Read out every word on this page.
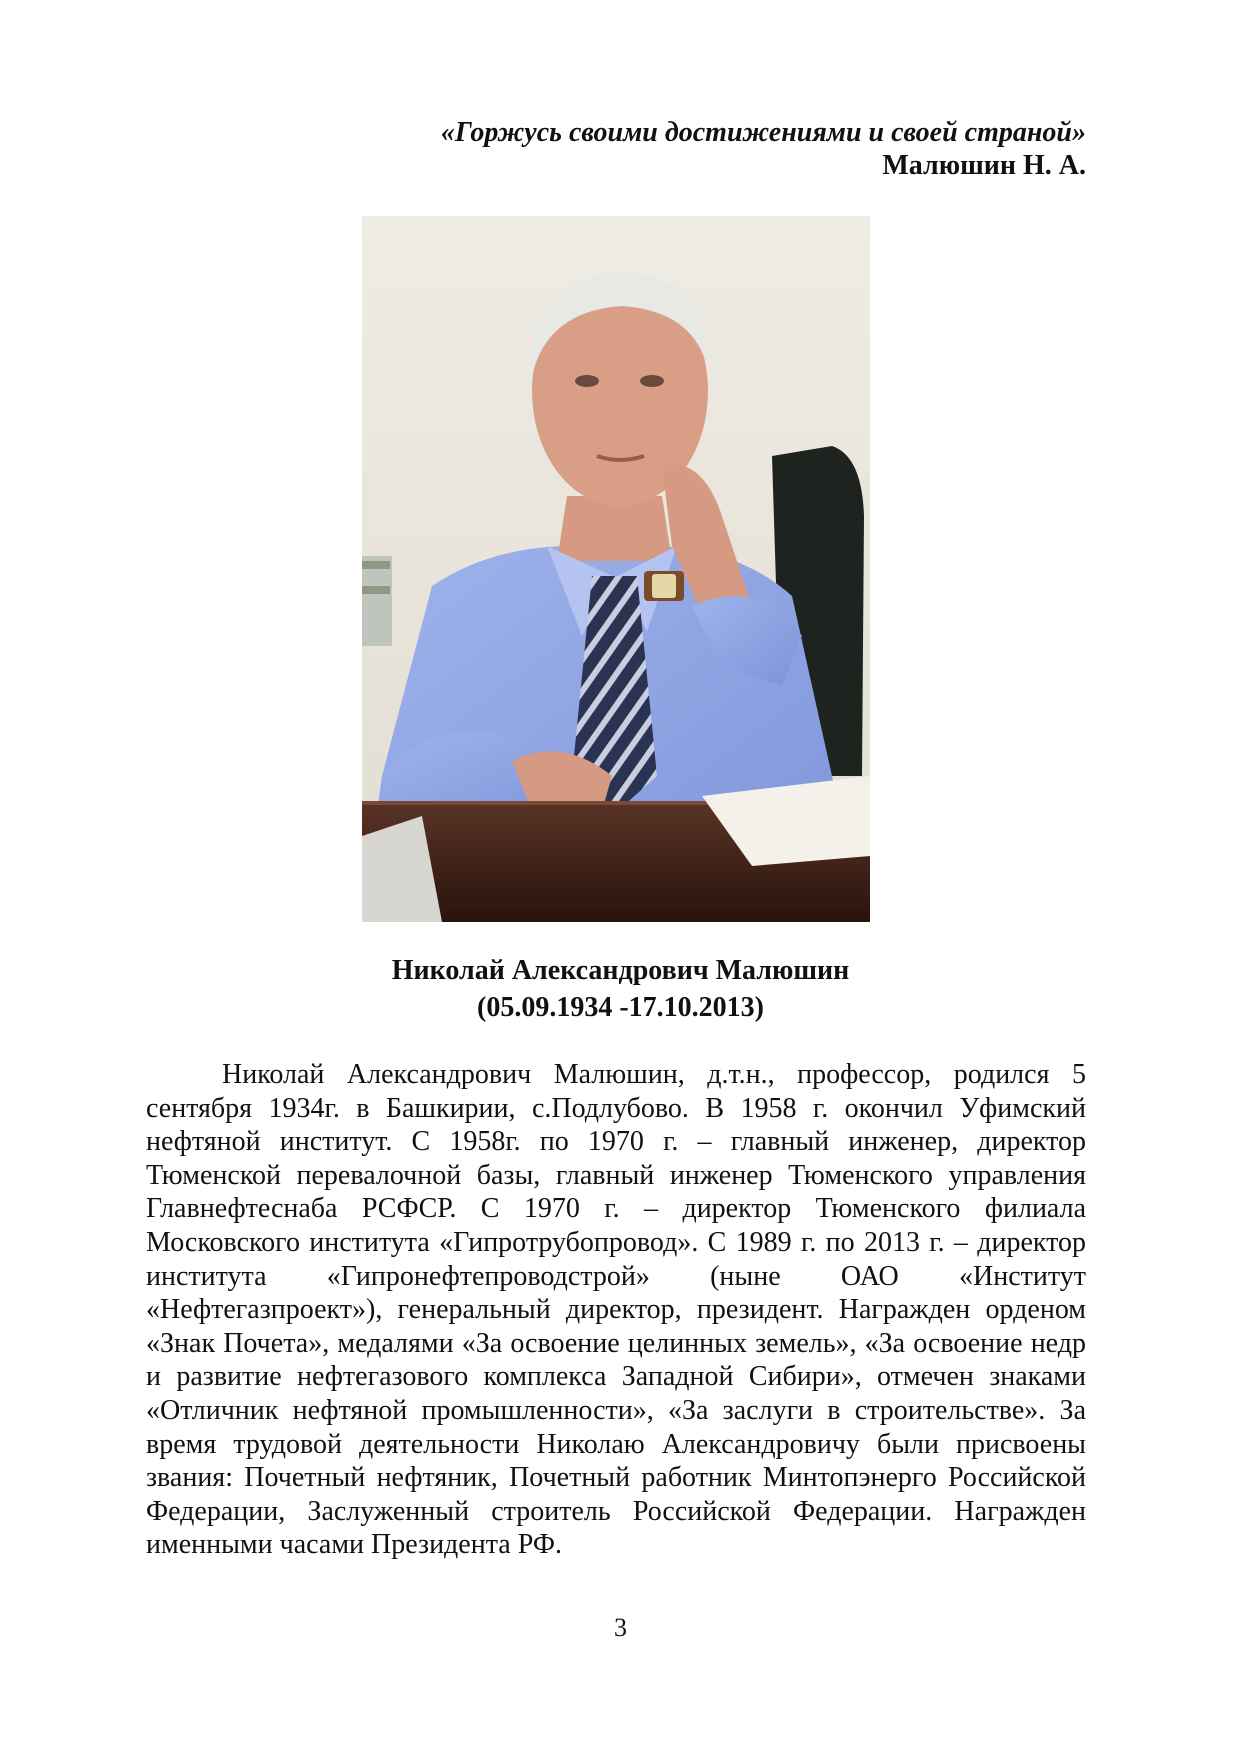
«Горжусь своими достижениями и своей страной»
Малюшин Н. А.
Николай Александрович Малюшин
(05.09.1934 -17.10.2013)

Николай Александрович Малюшин, д.т.н., профессор, родился 5 сентября 1934г. в Башкирии, с.Подлубово. В 1958 г. окончил Уфимский нефтяной институт. С 1958г. по 1970 г. – главный инженер, директор Тюменской перевалочной базы, главный инженер Тюменского управления Главнефтеснаба РСФСР. С 1970 г. – директор Тюменского филиала Московского института «Гипротрубопровод». С 1989 г. по 2013 г. – директор института «Гипронефтепроводстрой» (ныне ОАО «Институт «Нефтегазпроект»), генеральный директор, президент. Награжден орденом «Знак Почета», медалями «За освоение целинных земель», «За освоение недр и развитие нефтегазового комплекса Западной Сибири», отмечен знаками «Отличник нефтяной промышленности», «За заслуги в строительстве». За время трудовой деятельности Николаю Александровичу были присвоены звания: Почетный нефтяник, Почетный работник Минтопэнерго Российской Федерации, Заслуженный строитель Российской Федерации. Награжден именными часами Президента РФ.

3
